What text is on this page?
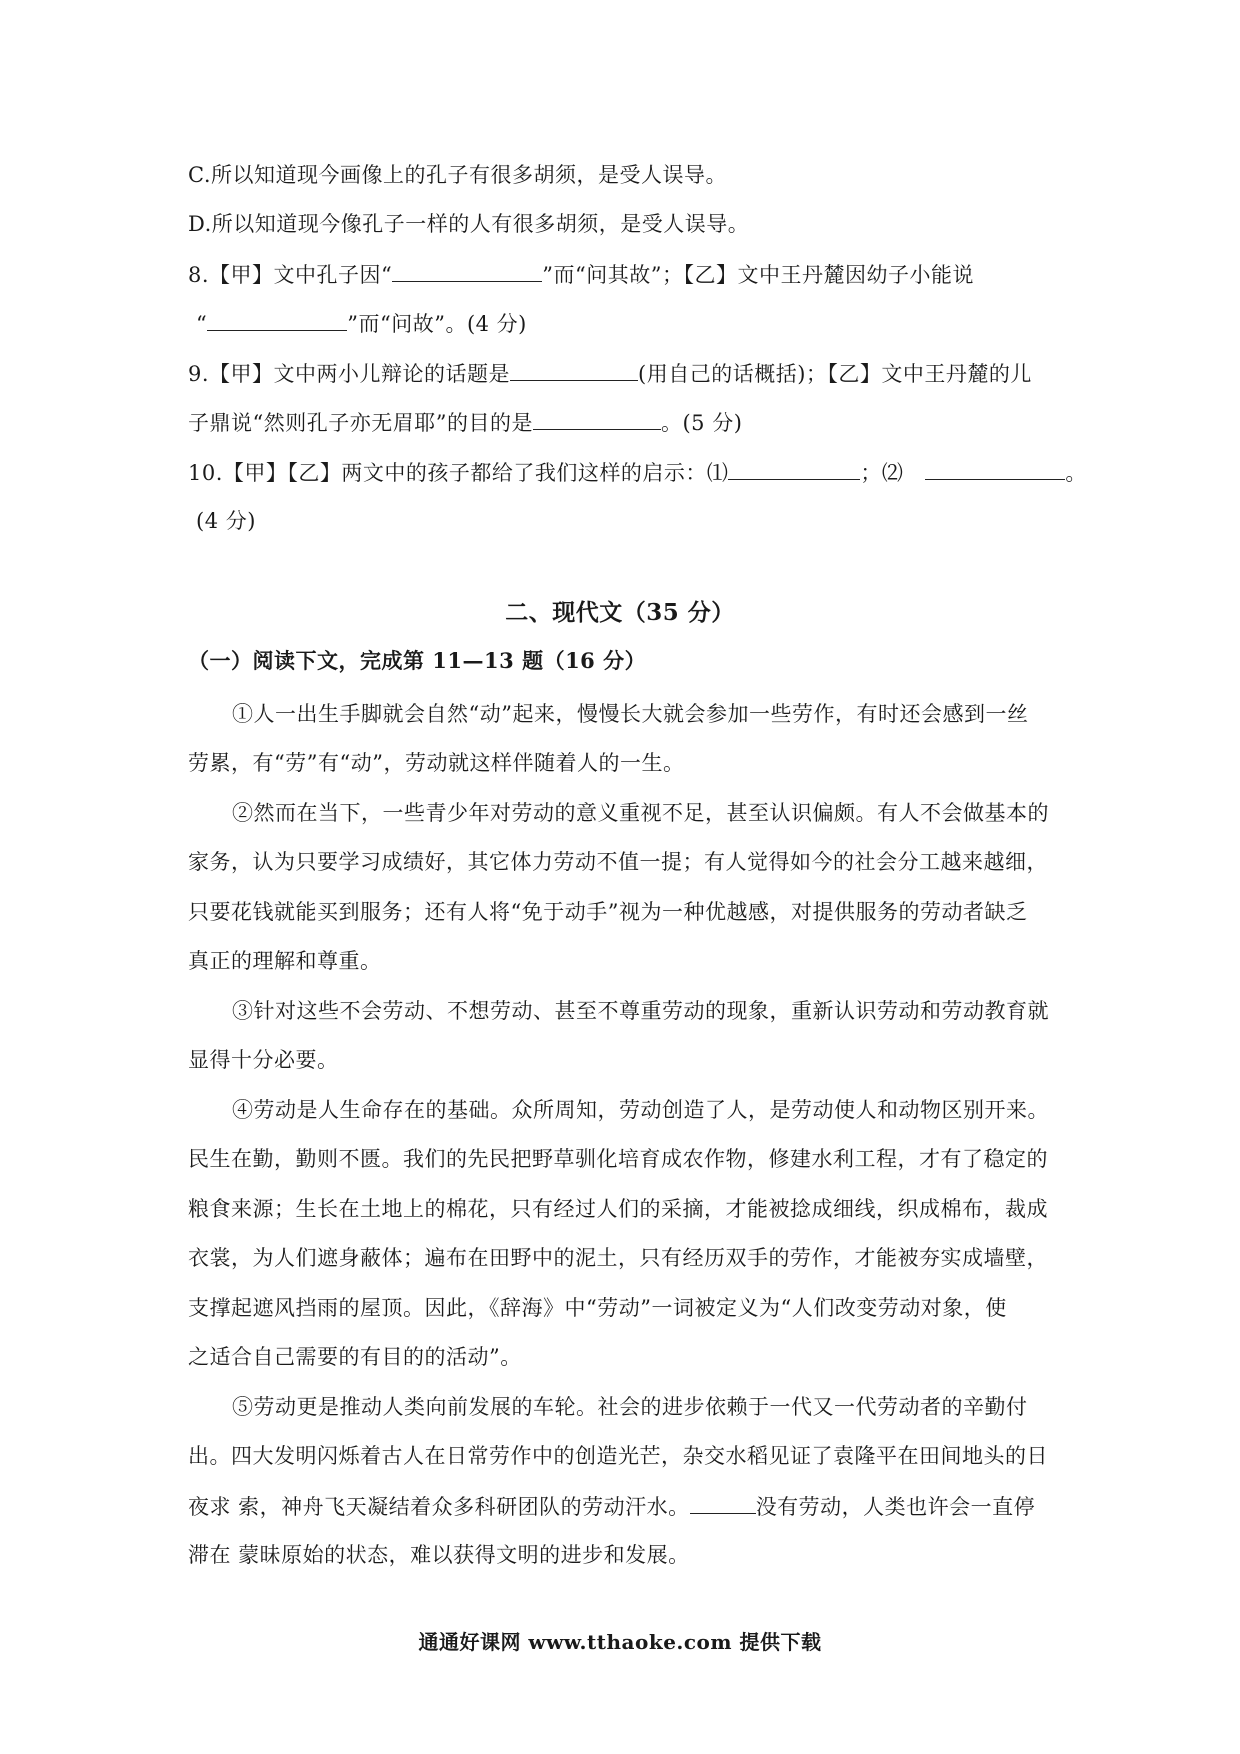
C.所以知道现今画像上的孔子有很多胡须，是受人误导。
D.所以知道现今像孔子一样的人有很多胡须，是受人误导。
8.【甲】文中孔子因“	”而“问其故”；【乙】文中王丹麓因幼子小能说
“	”而“问故”。(4 分)
9.【甲】文中两小儿辩论的话题是	(用自己的话概括)；【乙】文中王丹麓的儿
子鼎说“然则孔子亦无眉耶”的目的是	。(5 分)
10.【甲】【乙】两文中的孩子都给了我们这样的启示：⑴	；⑵	。
(4 分)
二、现代文（35 分）
（一）阅读下文，完成第 11—13 题（16 分）
①人一出生手脚就会自然“动”起来，慢慢长大就会参加一些劳作，有时还会感到一丝
劳累，有“劳”有“动”，劳动就这样伴随着人的一生。
②然而在当下，一些青少年对劳动的意义重视不足，甚至认识偏颇。有人不会做基本的
家务，认为只要学习成绩好，其它体力劳动不值一提；有人觉得如今的社会分工越来越细，
只要花钱就能买到服务；还有人将“免于动手”视为一种优越感，对提供服务的劳动者缺乏
真正的理解和尊重。
③针对这些不会劳动、不想劳动、甚至不尊重劳动的现象，重新认识劳动和劳动教育就
显得十分必要。
④劳动是人生命存在的基础。众所周知，劳动创造了人，是劳动使人和动物区别开来。
民生在勤，勤则不匮。我们的先民把野草驯化培育成农作物，修建水利工程，才有了稳定的
粮食来源；生长在土地上的棉花，只有经过人们的采摘，才能被捻成细线，织成棉布，裁成
衣裳，为人们遮身蔽体；遍布在田野中的泥土，只有经历双手的劳作，才能被夯实成墙壁，
支撑起遮风挡雨的屋顶。因此，《辞海》中“劳动”一词被定义为“人们改变劳动对象，使
之适合自己需要的有目的的活动”。
⑤劳动更是推动人类向前发展的车轮。社会的进步依赖于一代又一代劳动者的辛勤付
出。四大发明闪烁着古人在日常劳作中的创造光芒，杂交水稻见证了袁隆平在田间地头的日
夜求 索，神舟飞天凝结着众多科研团队的劳动汗水。	没有劳动，人类也许会一直停
滞在 蒙昧原始的状态，难以获得文明的进步和发展。
通通好课网 www.tthaoke.com 提供下载
